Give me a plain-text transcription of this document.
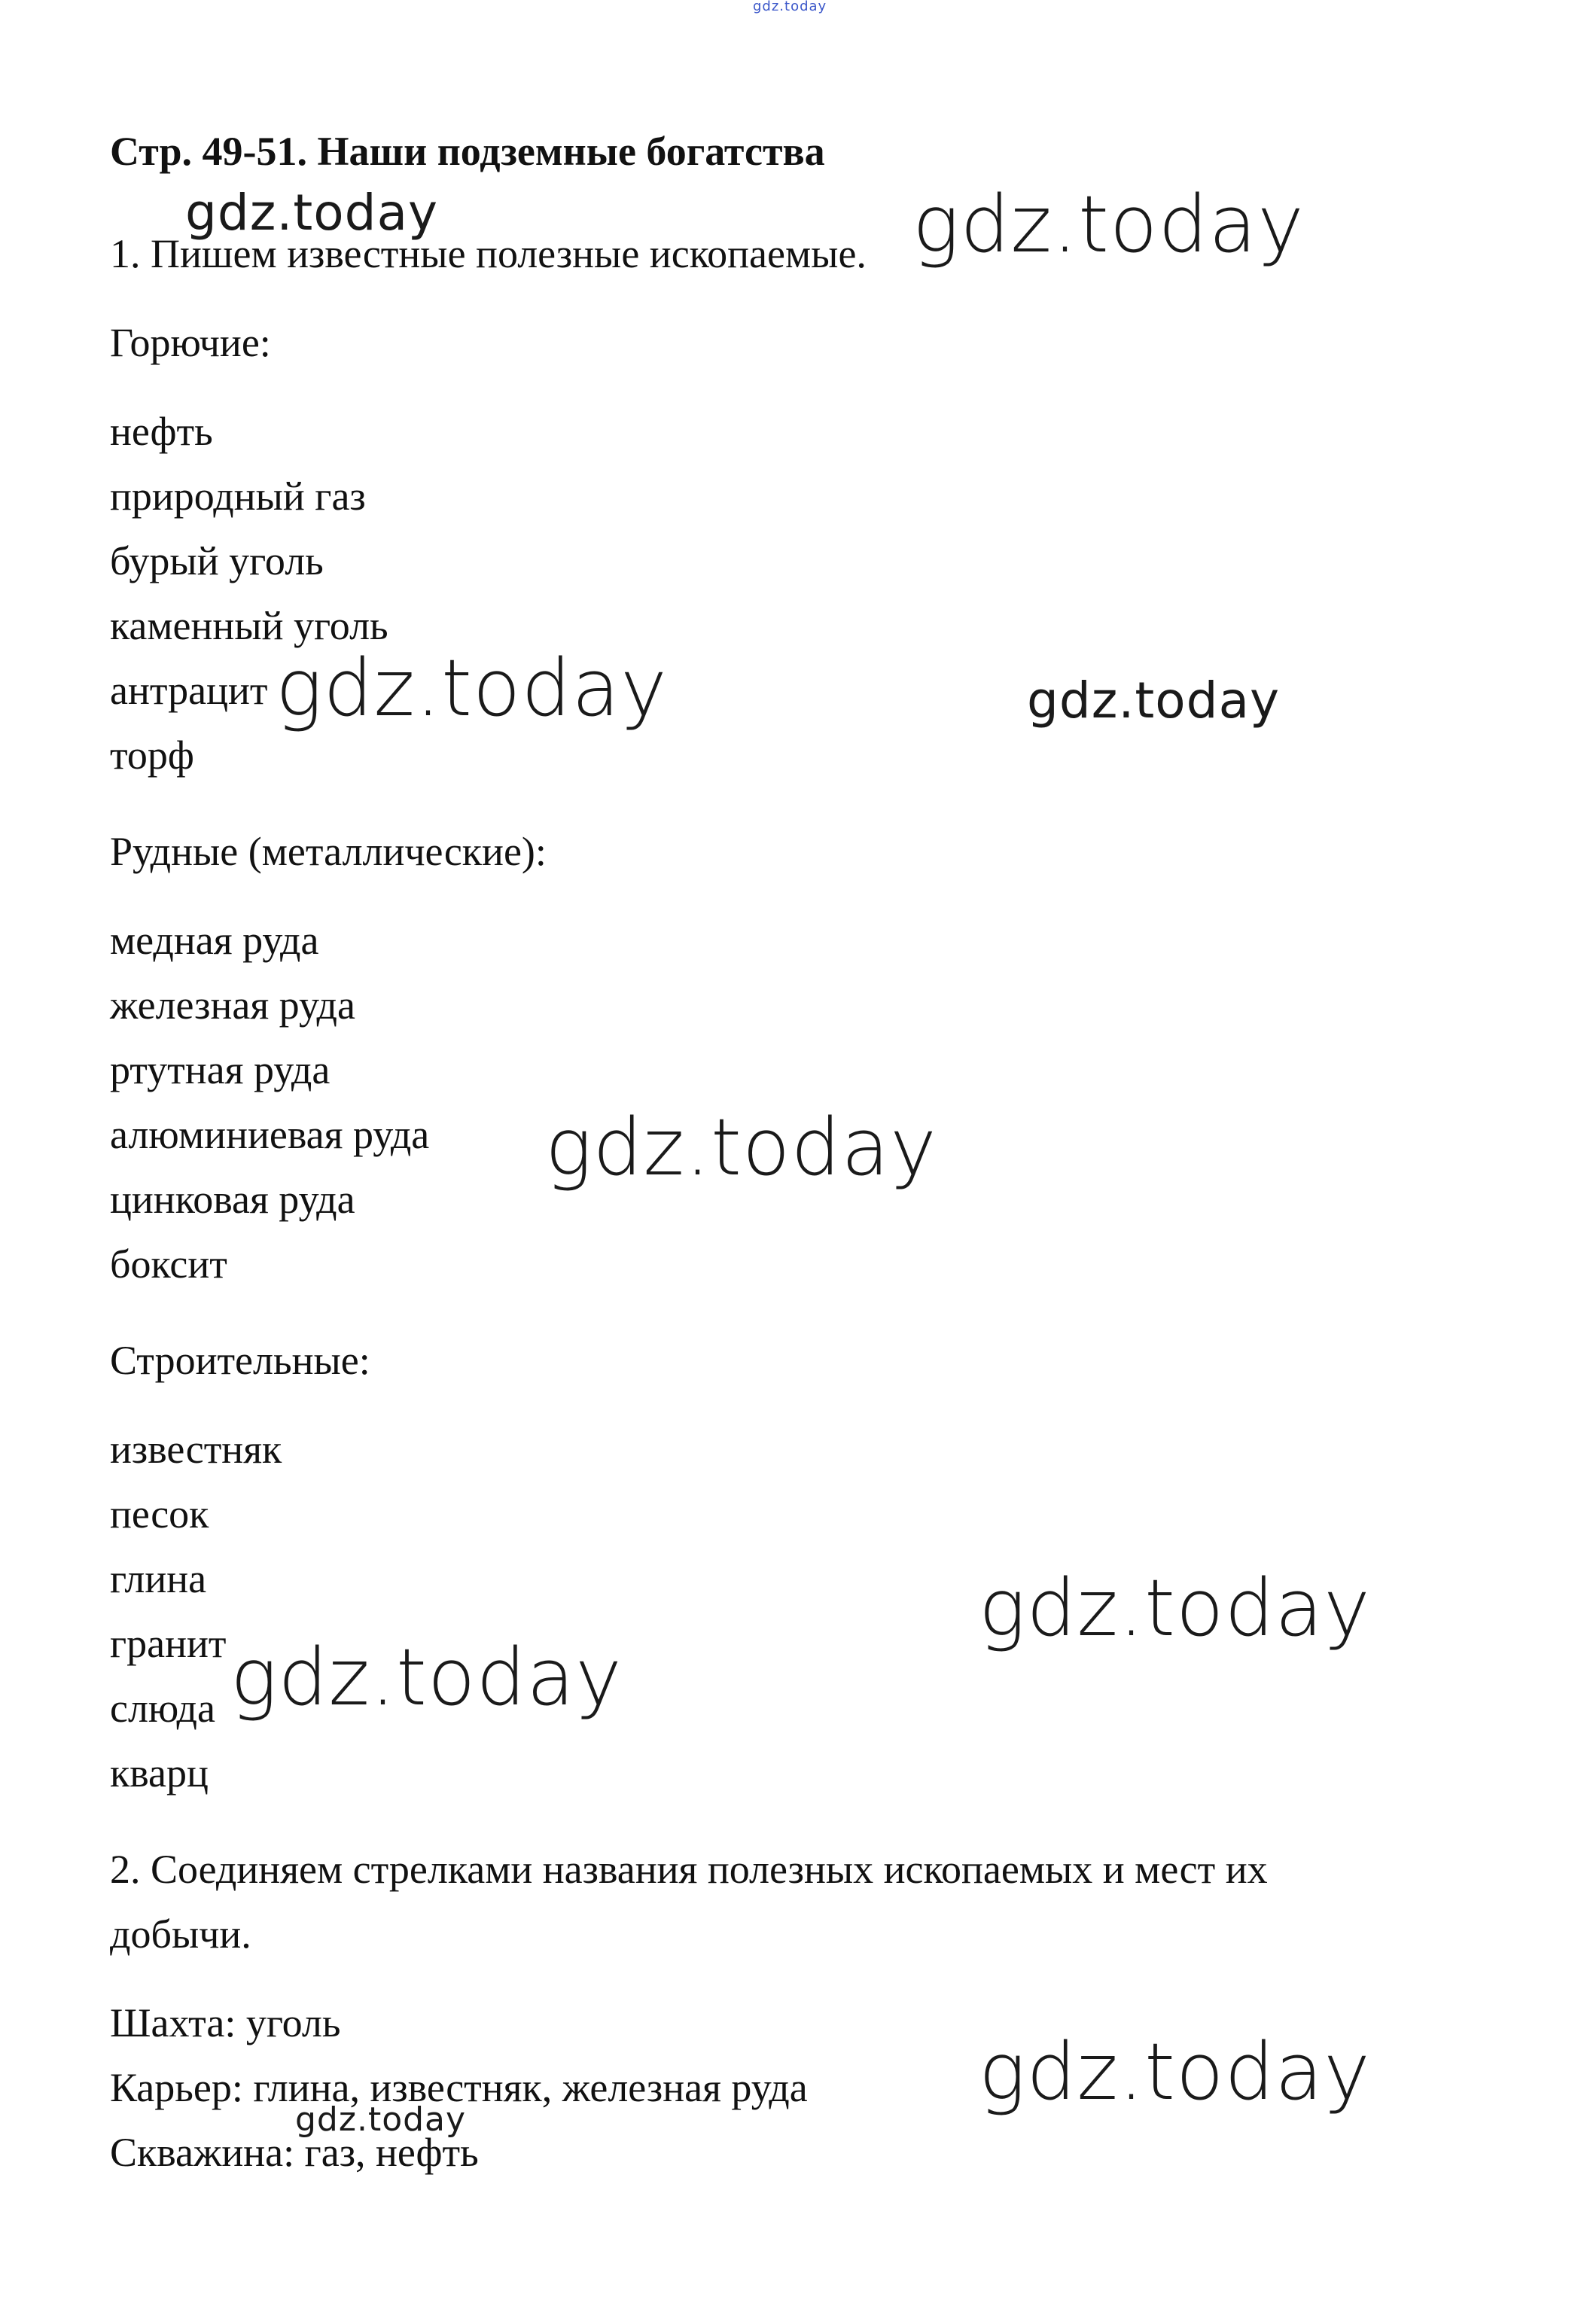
gdz.today
Стр. 49-51. Наши подземные богатства
1. Пишем известные полезные ископаемые.
Горючие:
нефть
природный газ
бурый уголь
каменный уголь
антрацит
торф
Рудные (металлические):
медная руда
железная руда
ртутная руда
алюминиевая руда
цинковая руда
боксит
Строительные:
известняк
песок
глина
гранит
слюда
кварц
2. Соединяем стрелками названия полезных ископаемых и мест их
добычи.
Шахта: уголь
Карьер: глина, известняк, железная руда
Скважина: газ, нефть
gdz.today	gdz.today
gdz.today	gdz.today
gdz.today
gdz.today
gdz.today
gdz.today
gdz.today
